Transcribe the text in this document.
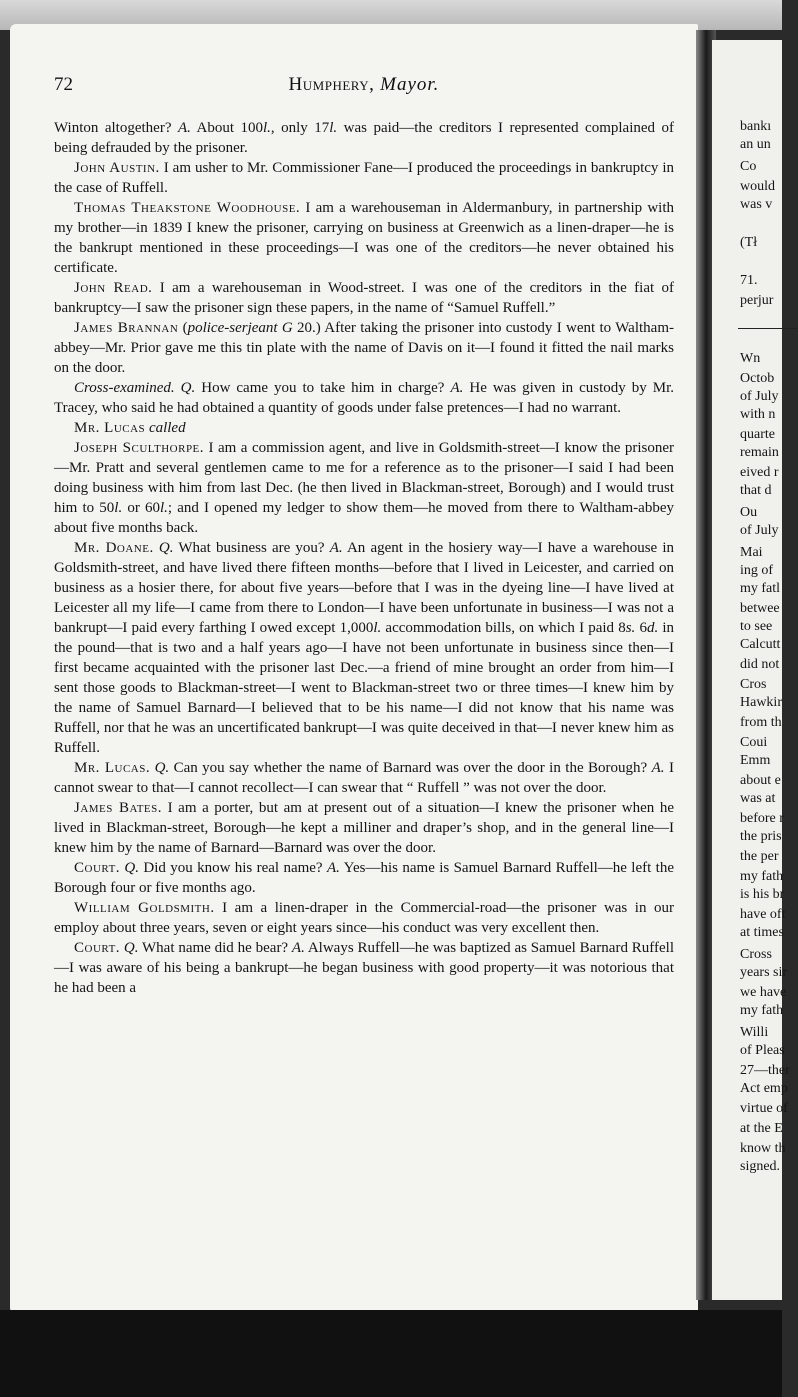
bankı
an un
Co
would
was v
(Tł
71.
perjur
Wn
Octob
of July
with n
quarte
remain
eived r
that d
Ou
of July
Mai
ing of
my fatl
betwee
to see
Calcutt
did not
Cros
Hawkir
from th
Coui
Emm
about e
was at
before r
the pris
the per
my fath
is his br
have oft
at times
Cross
years sir
we have
my fath
Willi
of Pleas
27—ther
Act emp
virtue of
at the E
know th
signed.
72	Humphery, Mayor.

Winton altogether? A. About 100l., only 17l. was paid—the creditors I represented complained of being defrauded by the prisoner.

John Austin. I am usher to Mr. Commissioner Fane—I produced the proceedings in bankruptcy in the case of Ruffell.

Thomas Theakstone Woodhouse. I am a warehouseman in Aldermanbury, in partnership with my brother—in 1839 I knew the prisoner, carrying on business at Greenwich as a linen-draper—he is the bankrupt mentioned in these proceedings—I was one of the creditors—he never obtained his certificate.

John Read. I am a warehouseman in Wood-street. I was one of the creditors in the fiat of bankruptcy—I saw the prisoner sign these papers, in the name of “Samuel Ruffell.”

James Brannan (police-serjeant G 20.) After taking the prisoner into custody I went to Waltham-abbey—Mr. Prior gave me this tin plate with the name of Davis on it—I found it fitted the nail marks on the door.

Cross-examined. Q. How came you to take him in charge? A. He was given in custody by Mr. Tracey, who said he had obtained a quantity of goods under false pretences—I had no warrant.

Mr. Lucas called

Joseph Sculthorpe. I am a commission agent, and live in Goldsmith-street—I know the prisoner—Mr. Pratt and several gentlemen came to me for a reference as to the prisoner—I said I had been doing business with him from last Dec. (he then lived in Blackman-street, Borough) and I would trust him to 50l. or 60l.; and I opened my ledger to show them—he moved from there to Waltham-abbey about five months back.

Mr. Doane. Q. What business are you? A. An agent in the hosiery way—I have a warehouse in Goldsmith-street, and have lived there fifteen months—before that I lived in Leicester, and carried on business as a hosier there, for about five years—before that I was in the dyeing line—I have lived at Leicester all my life—I came from there to London—I have been unfortunate in business—I was not a bankrupt—I paid every farthing I owed except 1,000l. accommodation bills, on which I paid 8s. 6d. in the pound—that is two and a half years ago—I have not been unfortunate in business since then—I first became acquainted with the prisoner last Dec.—a friend of mine brought an order from him—I sent those goods to Blackman-street—I went to Blackman-street two or three times—I knew him by the name of Samuel Barnard—I believed that to be his name—I did not know that his name was Ruffell, nor that he was an uncertificated bankrupt—I was quite deceived in that—I never knew him as Ruffell.

Mr. Lucas. Q. Can you say whether the name of Barnard was over the door in the Borough? A. I cannot swear to that—I cannot recollect—I can swear that “ Ruffell ” was not over the door.

James Bates. I am a porter, but am at present out of a situation—I knew the prisoner when he lived in Blackman-street, Borough—he kept a milliner and draper’s shop, and in the general line—I knew him by the name of Barnard—Barnard was over the door.

Court. Q. Did you know his real name? A. Yes—his name is Samuel Barnard Ruffell—he left the Borough four or five months ago.

William Goldsmith. I am a linen-draper in the Commercial-road—the prisoner was in our employ about three years, seven or eight years since—his conduct was very excellent then.

Court. Q. What name did he bear? A. Always Ruffell—he was baptized as Samuel Barnard Ruffell—I was aware of his being a bankrupt—he began business with good property—it was notorious that he had been a
